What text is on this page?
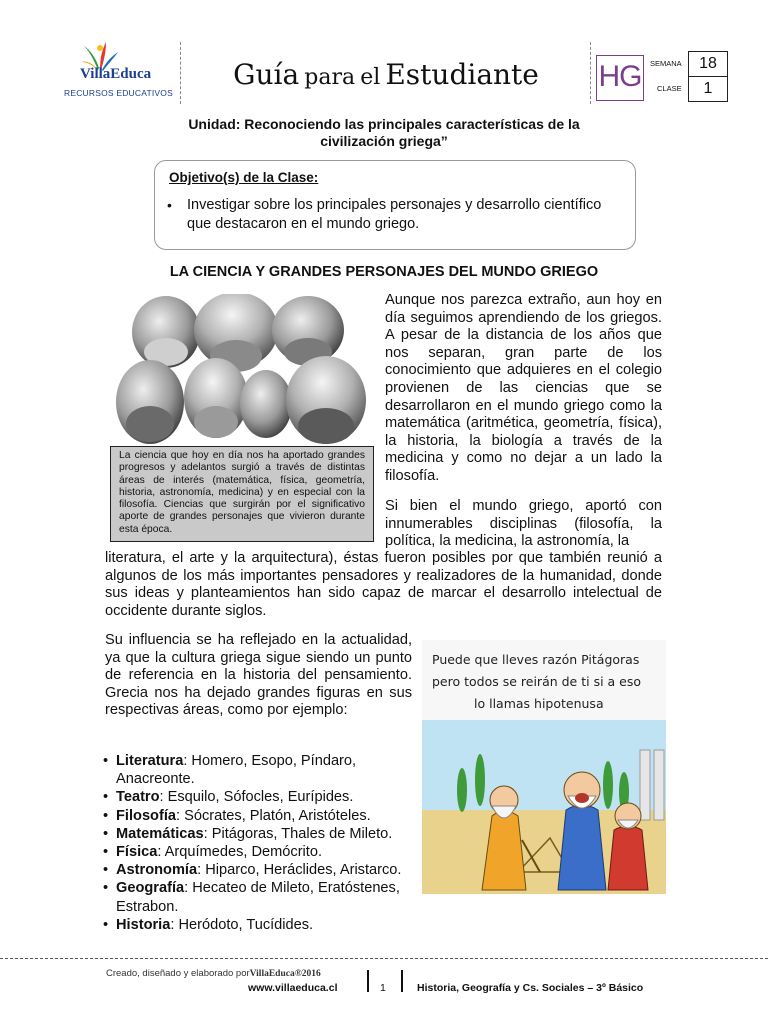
VillaEduca
RECURSOS EDUCATIVOS
Guía para el Estudiante	HG SEMANA	18
CLASE	1
Unidad: Reconociendo las principales características de la civilización griega”
Objetivo(s) de la Clase:
• Investigar sobre los principales personajes y desarrollo científico que destacaron en el mundo griego.
LA CIENCIA Y GRANDES PERSONAJES DEL MUNDO GRIEGO

La ciencia que hoy en día nos ha aportado grandes progresos y adelantos surgió a través de distintas áreas de interés (matemática, física, geometría, historia, astronomía, medicina) y en especial con la filosofía. Ciencias que surgirán por el significativo aporte de grandes personajes que vivieron durante esta época.

Aunque nos parezca extraño, aun hoy en día seguimos aprendiendo de los griegos. A pesar de la distancia de los años que nos separan, gran parte de los conocimiento que adquieres en el colegio provienen de las ciencias que se desarrollaron en el mundo griego como la matemática (aritmética, geometría, física), la historia, la biología a través de la medicina y como no dejar a un lado la filosofía.

Si bien el mundo griego, aportó con innumerables disciplinas (filosofía, la política, la medicina, la astronomía, la

literatura, el arte y la arquitectura), éstas fueron posibles por que también reunió a algunos de los más importantes pensadores y realizadores de la humanidad, donde sus ideas y planteamientos han sido capaz de marcar el desarrollo intelectual de occidente durante siglos.

Su influencia se ha reflejado en la actualidad, ya que la cultura griega sigue siendo un punto de referencia en la historia del pensamiento. Grecia nos ha dejado grandes figuras en sus respectivas áreas, como por ejemplo:

• Literatura: Homero, Esopo, Píndaro, Anacreonte.
• Teatro: Esquilo, Sófocles, Eurípides.
• Filosofía: Sócrates, Platón, Aristóteles.
• Matemáticas: Pitágoras, Thales de Mileto.
• Física: Arquímedes, Demócrito.
• Astronomía: Hiparco, Heráclides, Aristarco.
• Geografía: Hecateo de Mileto, Eratóstenes, Estrabon.
• Historia: Heródoto, Tucídides.
Puede que lleves razón Pitágoras
pero todos se reirán de ti si a eso
lo llamas hipotenusa
Creado, diseñado y elaborado porVillaEduca®2016
www.villaeduca.cl	1	Historia, Geografía y Cs. Sociales – 3º Básico
